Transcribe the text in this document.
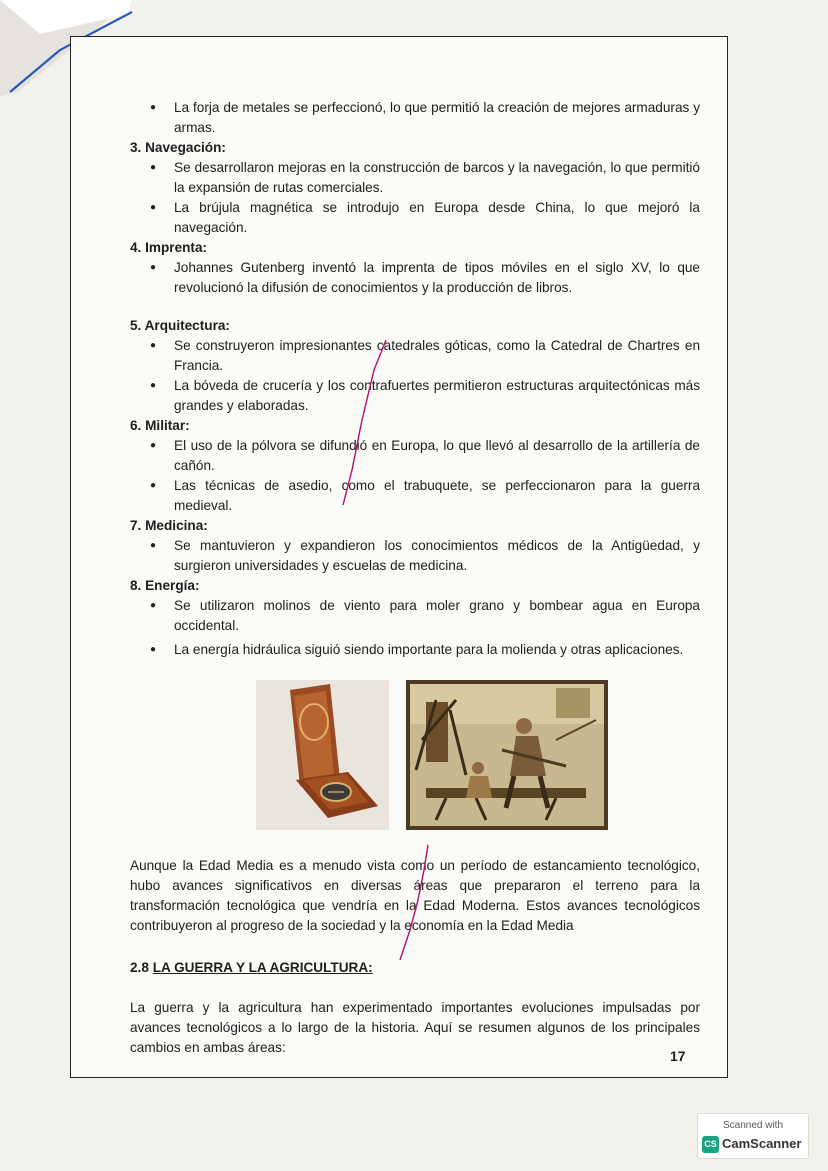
● La forja de metales se perfeccionó, lo que permitió la creación de mejores armaduras y armas.

3. Navegación:

● Se desarrollaron mejoras en la construcción de barcos y la navegación, lo que permitió la expansión de rutas comerciales.
● La brújula magnética se introdujo en Europa desde China, lo que mejoró la navegación.

4. Imprenta:

● Johannes Gutenberg inventó la imprenta de tipos móviles en el siglo XV, lo que revolucionó la difusión de conocimientos y la producción de libros.

5. Arquitectura:

● Se construyeron impresionantes catedrales góticas, como la Catedral de Chartres en Francia.
● La bóveda de crucería y los contrafuertes permitieron estructuras arquitectónicas más grandes y elaboradas.

6. Militar:

● El uso de la pólvora se difundió en Europa, lo que llevó al desarrollo de la artillería de cañón.
● Las técnicas de asedio, como el trabuquete, se perfeccionaron para la guerra medieval.

7. Medicina:

● Se mantuvieron y expandieron los conocimientos médicos de la Antigüedad, y surgieron universidades y escuelas de medicina.

8. Energía:

● Se utilizaron molinos de viento para moler grano y bombear agua en Europa occidental.
● La energía hidráulica siguió siendo importante para la molienda y otras aplicaciones.

Aunque la Edad Media es a menudo vista como un período de estancamiento tecnológico, hubo avances significativos en diversas áreas que prepararon el terreno para la transformación tecnológica que vendría en la Edad Moderna. Estos avances tecnológicos contribuyeron al progreso de la sociedad y la economía en la Edad Media

2.8 LA GUERRA Y LA AGRICULTURA:

La guerra y la agricultura han experimentado importantes evoluciones impulsadas por avances tecnológicos a lo largo de la historia. Aquí se resumen algunos de los principales cambios en ambas áreas:

17
Scanned with
CS CamScanner
